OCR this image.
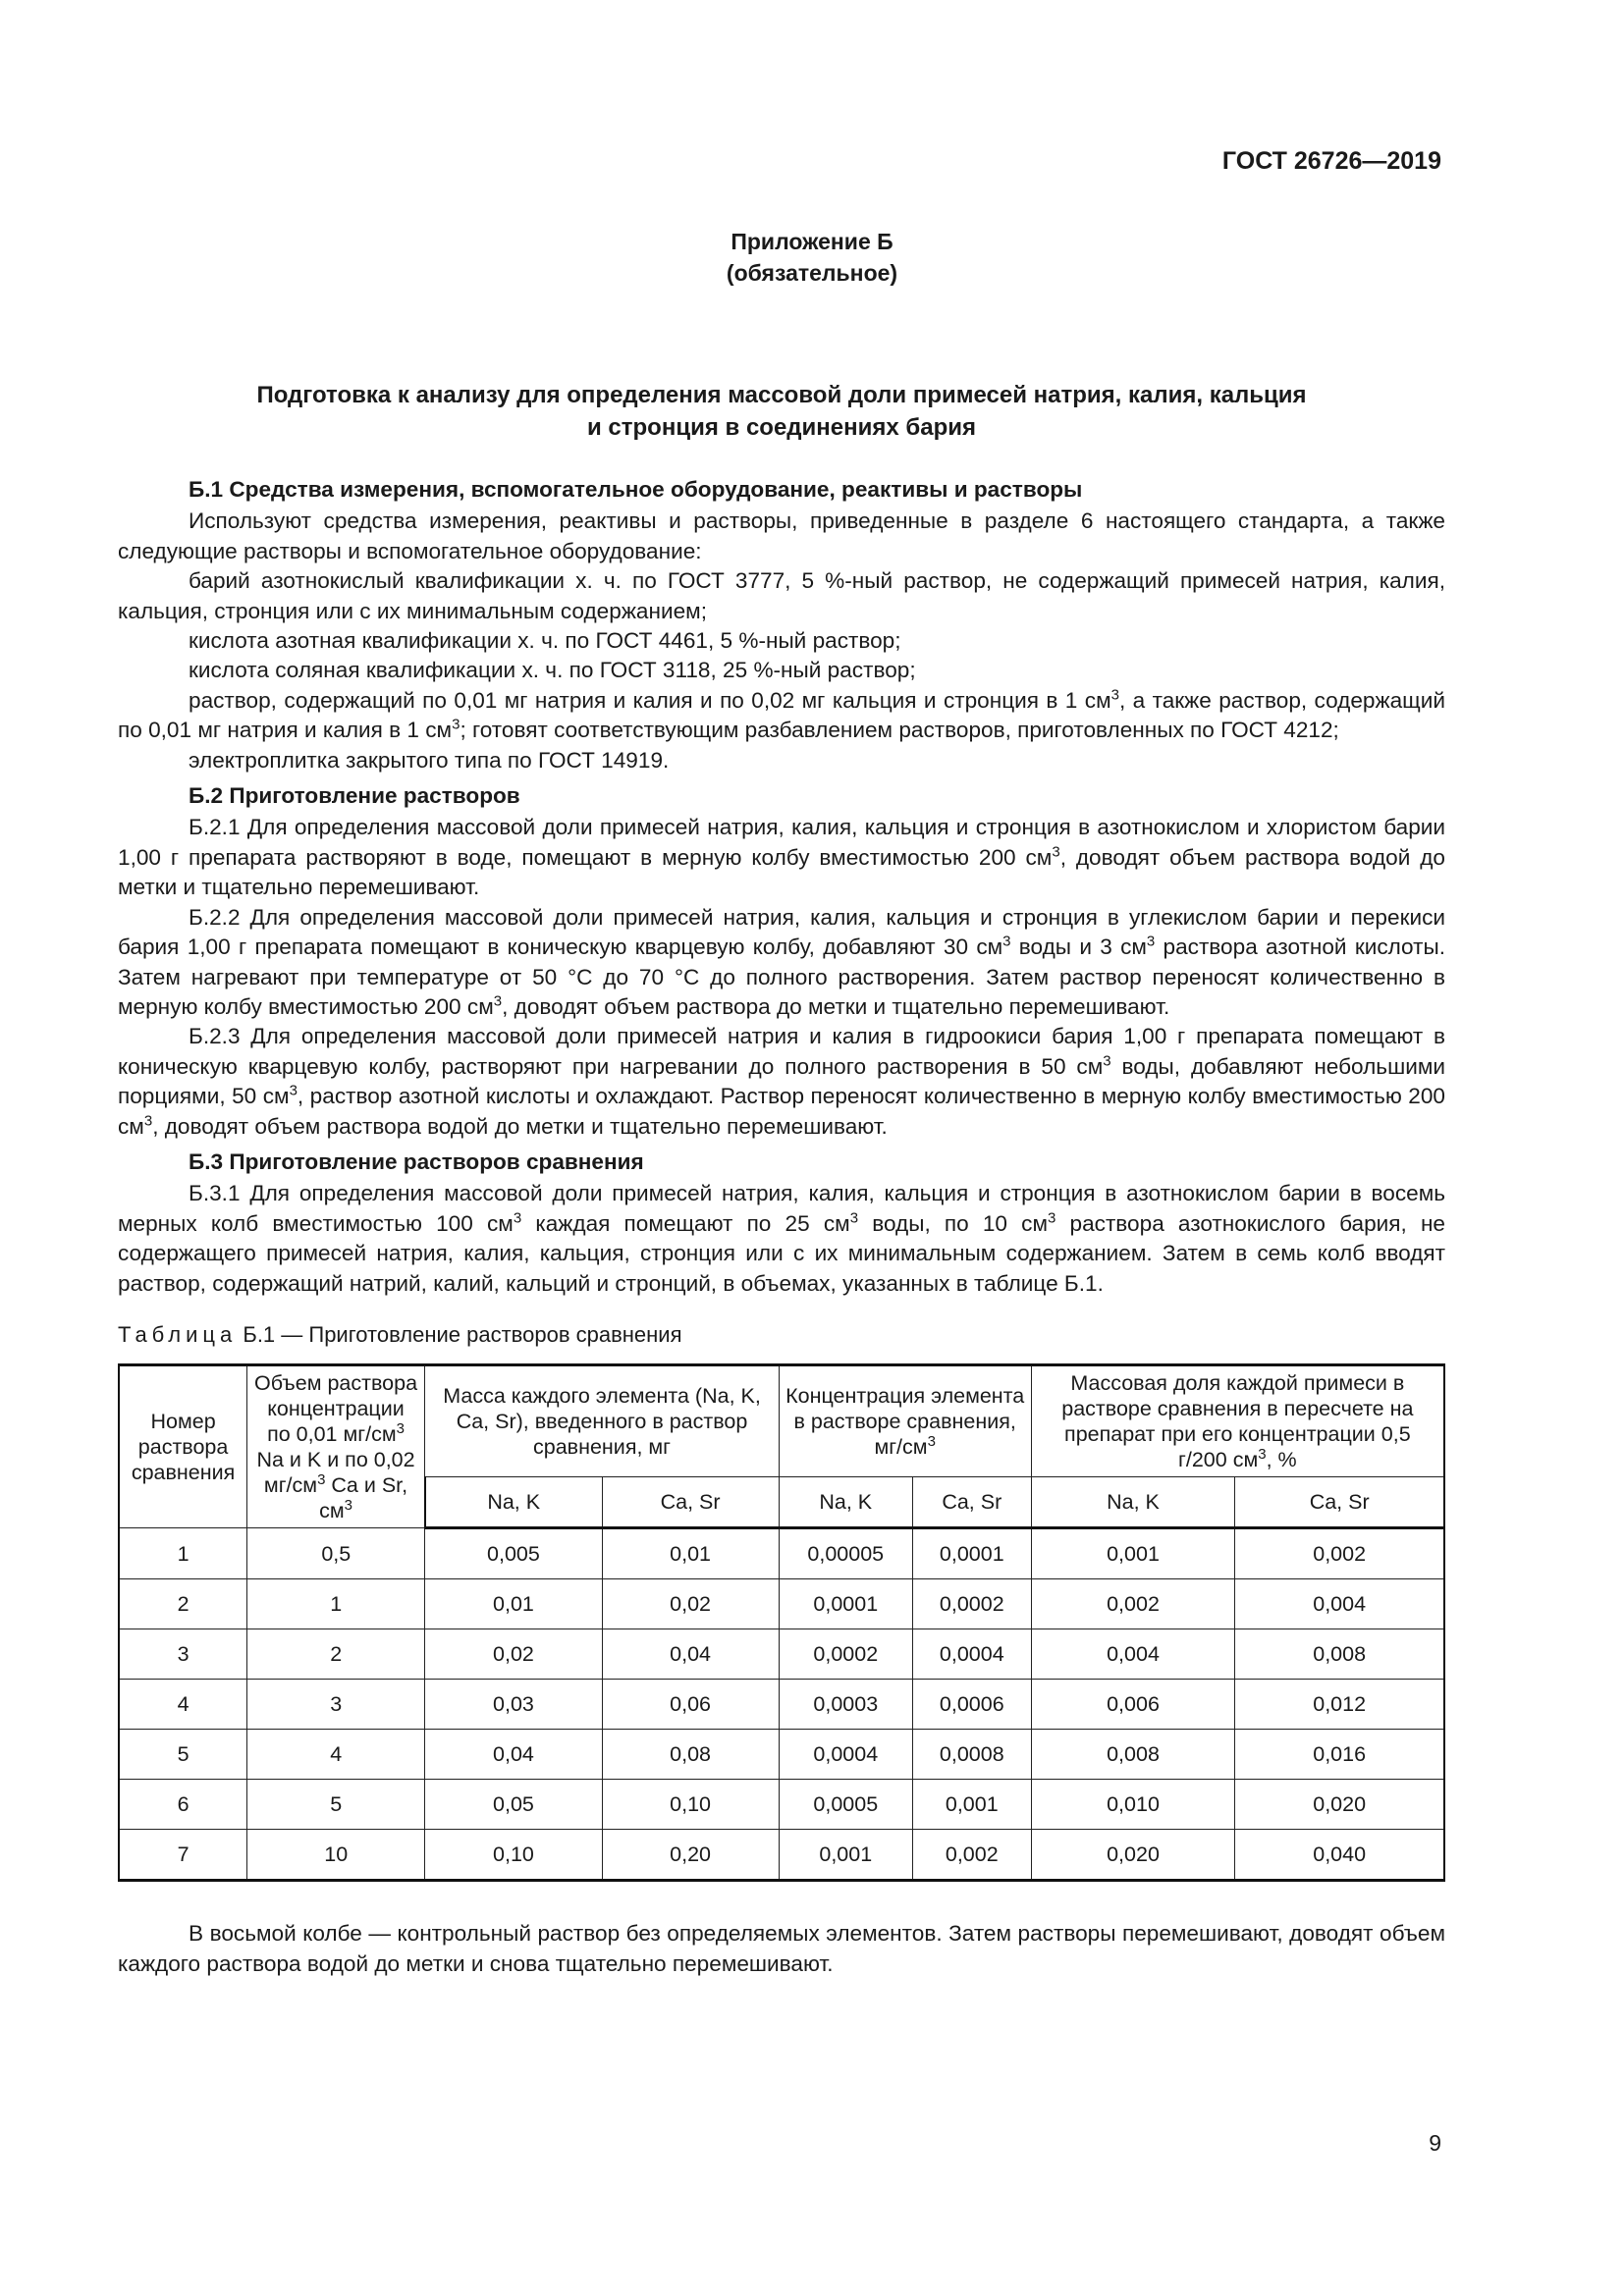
ГОСТ 26726—2019
Приложение Б
(обязательное)
Подготовка к анализу для определения массовой доли примесей натрия, калия, кальция
и стронция в соединениях бария
Б.1 Средства измерения, вспомогательное оборудование, реактивы и растворы

Используют средства измерения, реактивы и растворы, приведенные в разделе 6 настоящего стандарта, а также следующие растворы и вспомогательное оборудование:

барий азотнокислый квалификации х. ч. по ГОСТ 3777, 5 %-ный раствор, не содержащий примесей натрия, калия, кальция, стронция или с их минимальным содержанием;

кислота азотная квалификации х. ч. по ГОСТ 4461, 5 %-ный раствор;

кислота соляная квалификации х. ч. по ГОСТ 3118, 25 %-ный раствор;

раствор, содержащий по 0,01 мг натрия и калия и по 0,02 мг кальция и стронция в 1 $см^3$, а также раствор, содержащий по 0,01 мг натрия и калия в 1 $см^3$; готовят соответствующим разбавлением растворов, приготовленных по ГОСТ 4212;

электроплитка закрытого типа по ГОСТ 14919.

Б.2 Приготовление растворов

Б.2.1 Для определения массовой доли примесей натрия, калия, кальция и стронция в азотнокислом и хлористом барии 1,00 г препарата растворяют в воде, помещают в мерную колбу вместимостью 200 $см^3$, доводят объем раствора водой до метки и тщательно перемешивают.

Б.2.2 Для определения массовой доли примесей натрия, калия, кальция и стронция в углекислом барии и перекиси бария 1,00 г препарата помещают в коническую кварцевую колбу, добавляют 30 $см^3$ воды и 3 $см^3$ раствора азотной кислоты. Затем нагревают при температуре от 50 °С до 70 °С до полного растворения. Затем раствор переносят количественно в мерную колбу вместимостью 200 $см^3$, доводят объем раствора до метки и тщательно перемешивают.

Б.2.3 Для определения массовой доли примесей натрия и калия в гидроокиси бария 1,00 г препарата помещают в коническую кварцевую колбу, растворяют при нагревании до полного растворения в 50 $см^3$ воды, добавляют небольшими порциями, 50 $см^3$, раствор азотной кислоты и охлаждают. Раствор переносят количественно в мерную колбу вместимостью 200 $см^3$, доводят объем раствора водой до метки и тщательно перемешивают.

Б.3 Приготовление растворов сравнения

Б.3.1 Для определения массовой доли примесей натрия, калия, кальция и стронция в азотнокислом барии в восемь мерных колб вместимостью 100 $см^3$ каждая помещают по 25 $см^3$ воды, по 10 $см^3$ раствора азотнокислого бария, не содержащего примесей натрия, калия, кальция, стронция или с их минимальным содержанием. Затем в семь колб вводят раствор, содержащий натрий, калий, кальций и стронций, в объемах, указанных в таблице Б.1.

Таблица Б.1 — Приготовление растворов сравнения
Номер раствора сравнения	Объем раствора концентрации по 0,01 $мг/см^3$ Na и K и по 0,02 $мг/см^3$ Ca и Sr, $см^3$	Масса каждого элемента (Na, K, Ca, Sr), введенного в раствор сравнения, мг		Концентрация элемента в растворе сравнения, $мг/см^3$		Массовая доля каждой примеси в растворе сравнения в пересчете на препарат при его концентрации 0,5 г/200 $см^3$, %	
		Na, K	Ca, Sr	Na, K	Ca, Sr	Na, K	Ca, Sr
1	0,5	0,005	0,01	0,00005	0,0001	0,001	0,002
2	1	0,01	0,02	0,0001	0,0002	0,002	0,004
3	2	0,02	0,04	0,0002	0,0004	0,004	0,008
4	3	0,03	0,06	0,0003	0,0006	0,006	0,012
5	4	0,04	0,08	0,0004	0,0008	0,008	0,016
6	5	0,05	0,10	0,0005	0,001	0,010	0,020
7	10	0,10	0,20	0,001	0,002	0,020	0,040

В восьмой колбе — контрольный раствор без определяемых элементов. Затем растворы перемешивают, доводят объем каждого раствора водой до метки и снова тщательно перемешивают.

9
